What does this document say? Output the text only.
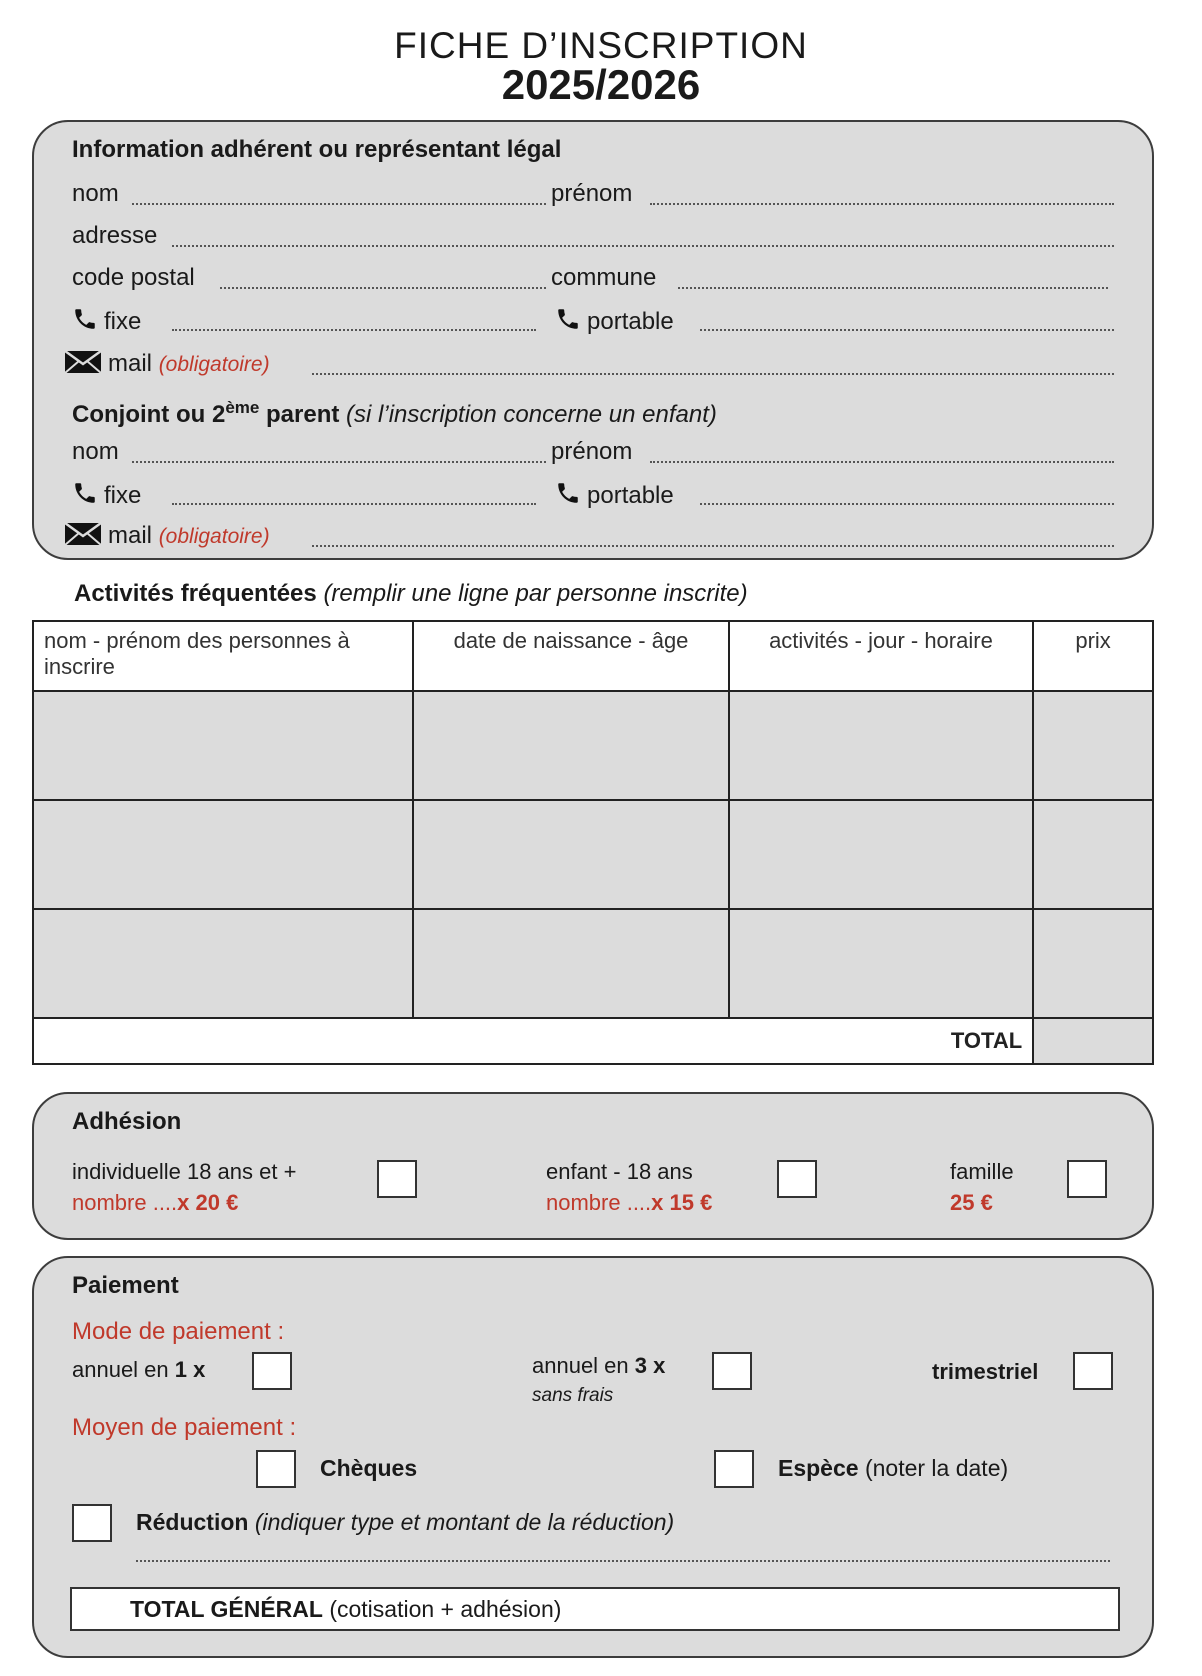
FICHE D’INSCRIPTION
2025/2026
Information adhérent ou représentant légal
nom	prénom
adresse
code postal	commune
fixe	portable
mail (obligatoire)
Conjoint ou 2ème parent (si l’inscription concerne un enfant)
nom	prénom
fixe	portable
mail (obligatoire)
Activités fréquentées (remplir une ligne par personne inscrite)
nom - prénom des personnes à inscrire	date de naissance - âge	activités - jour - horaire	prix

TOTAL			
Adhésion
individuelle 18 ans et +
nombre ....x 20 €
enfant - 18 ans
nombre ....x 15 €
famille
25 €
Paiement
Mode de paiement :
annuel en 1 x	annuel en 3 x
sans frais
trimestriel
Moyen de paiement :
Chèques	Espèce (noter la date)
Réduction (indiquer type et montant de la réduction)
TOTAL GÉNÉRAL (cotisation + adhésion)
